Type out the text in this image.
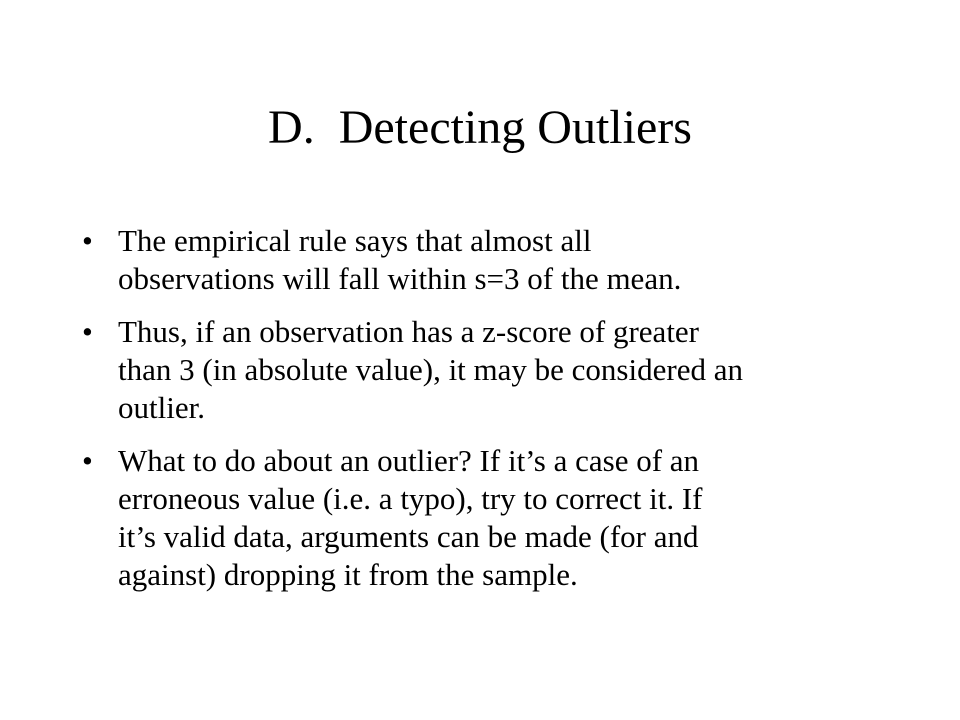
D.  Detecting Outliers
• The empirical rule says that almost all
observations will fall within s=3 of the mean.
• Thus, if an observation has a z-score of greater
than 3 (in absolute value), it may be considered an
outlier.
• What to do about an outlier? If it’s a case of an
erroneous value (i.e. a typo), try to correct it. If
it’s valid data, arguments can be made (for and
against) dropping it from the sample.
